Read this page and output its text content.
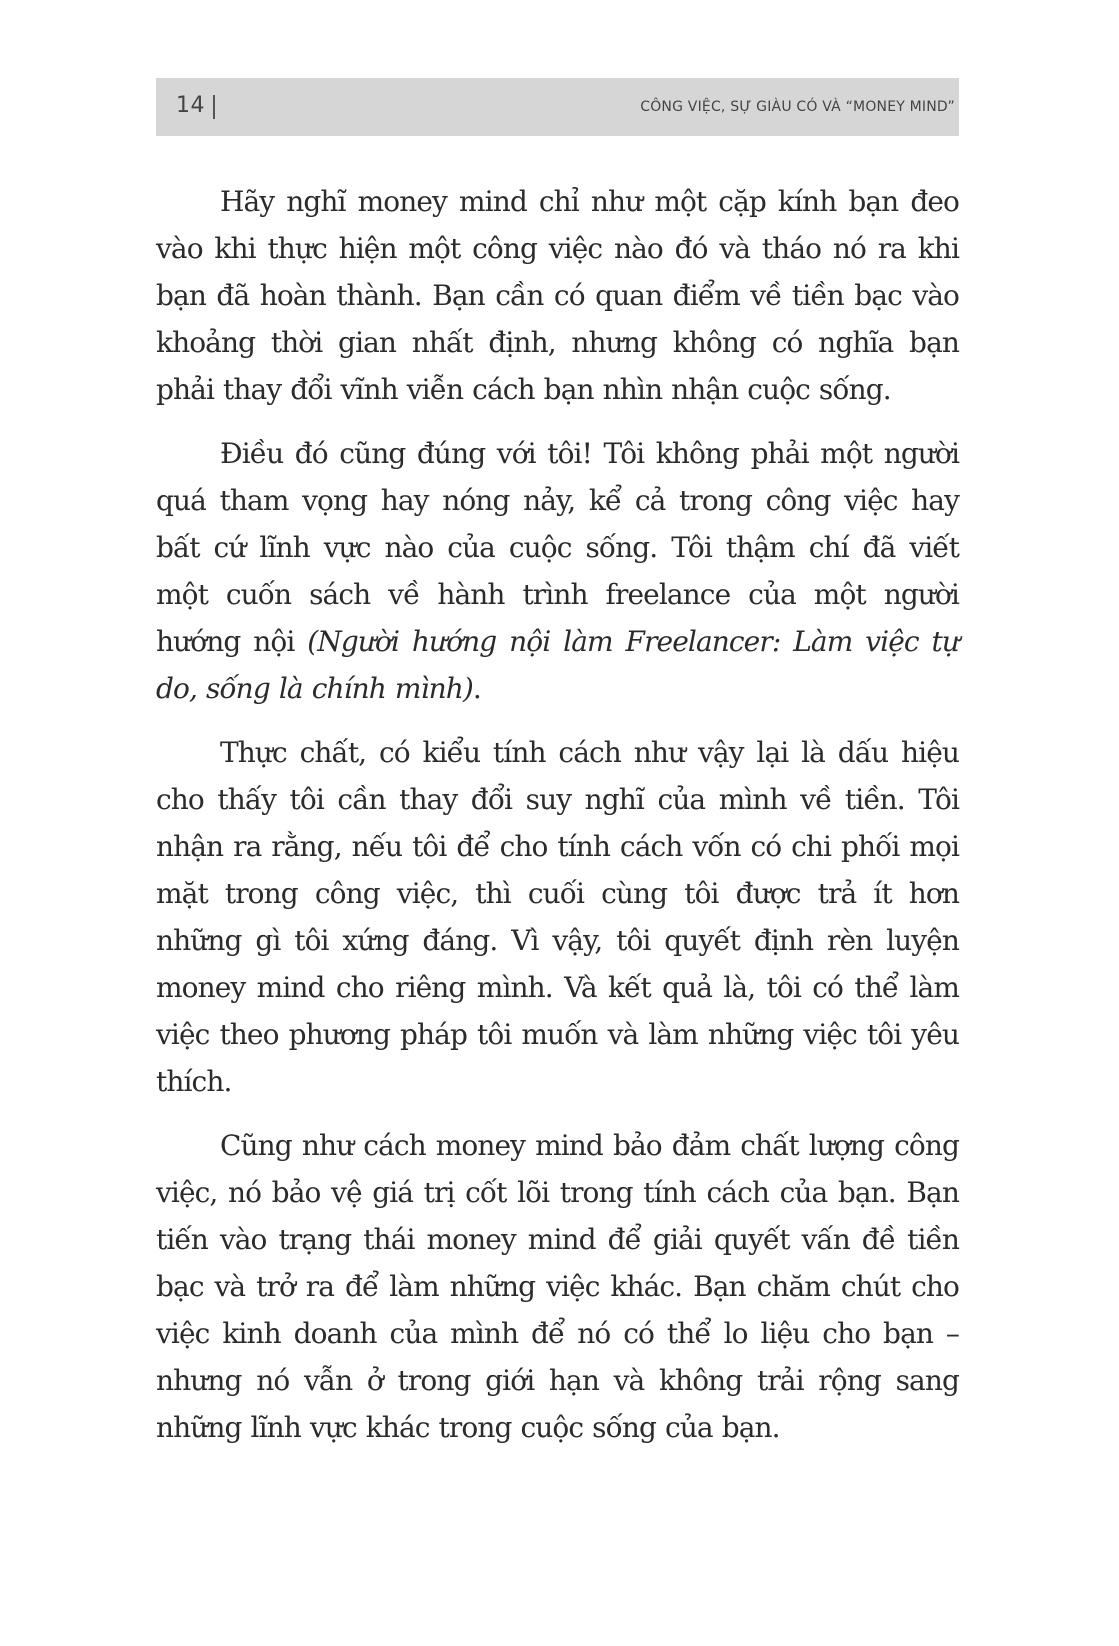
14	CÔNG VIỆC, SỰ GIÀU CÓ VÀ “MONEY MIND”

Hãy nghĩ money mind chỉ như một cặp kính bạn đeo vào khi thực hiện một công việc nào đó và tháo nó ra khi bạn đã hoàn thành. Bạn cần có quan điểm về tiền bạc vào khoảng thời gian nhất định, nhưng không có nghĩa bạn phải thay đổi vĩnh viễn cách bạn nhìn nhận cuộc sống.

Điều đó cũng đúng với tôi! Tôi không phải một người quá tham vọng hay nóng nảy, kể cả trong công việc hay bất cứ lĩnh vực nào của cuộc sống. Tôi thậm chí đã viết một cuốn sách về hành trình freelance của một người hướng nội (Người hướng nội làm Freelancer: Làm việc tự do, sống là chính mình).

Thực chất, có kiểu tính cách như vậy lại là dấu hiệu cho thấy tôi cần thay đổi suy nghĩ của mình về tiền. Tôi nhận ra rằng, nếu tôi để cho tính cách vốn có chi phối mọi mặt trong công việc, thì cuối cùng tôi được trả ít hơn những gì tôi xứng đáng. Vì vậy, tôi quyết định rèn luyện money mind cho riêng mình. Và kết quả là, tôi có thể làm việc theo phương pháp tôi muốn và làm những việc tôi yêu thích.

Cũng như cách money mind bảo đảm chất lượng công việc, nó bảo vệ giá trị cốt lõi trong tính cách của bạn. Bạn tiến vào trạng thái money mind để giải quyết vấn đề tiền bạc và trở ra để làm những việc khác. Bạn chăm chút cho việc kinh doanh của mình để nó có thể lo liệu cho bạn – nhưng nó vẫn ở trong giới hạn và không trải rộng sang những lĩnh vực khác trong cuộc sống của bạn.
